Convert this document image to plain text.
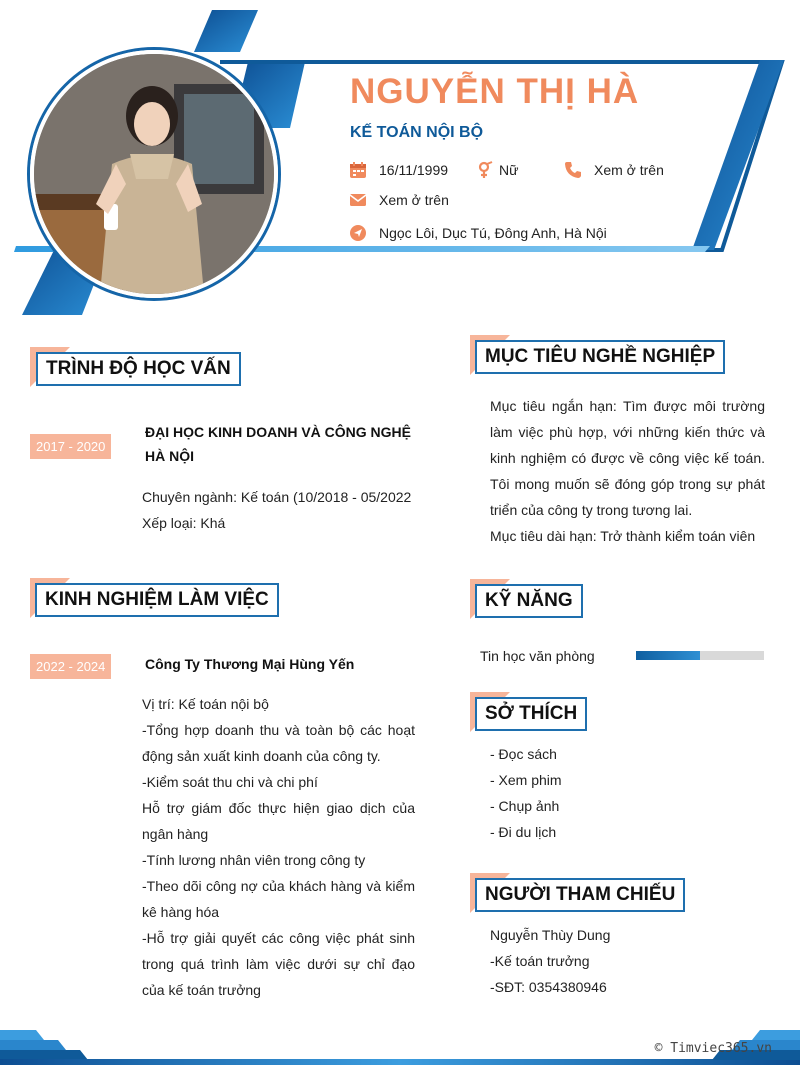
NGUYỄN THỊ HÀ
KẾ TOÁN NỘI BỘ
16/11/1999	Nữ	Xem ở trên
Xem ở trên
Ngọc Lôi, Dục Tú, Đông Anh, Hà Nội
TRÌNH ĐỘ HỌC VẤN
2017 - 2020
ĐẠI HỌC KINH DOANH VÀ CÔNG NGHỆ HÀ NỘI
Chuyên ngành: Kế toán (10/2018 - 05/2022
Xếp loại: Khá
KINH NGHIỆM LÀM VIỆC
2022 - 2024	Công Ty Thương Mại Hùng Yến
Vị trí: Kế toán nội bộ
-Tổng hợp doanh thu và toàn bộ các hoạt động sản xuất kinh doanh của công ty.
-Kiểm soát thu chi và chi phí
Hỗ trợ giám đốc thực hiện giao dịch của ngân hàng
-Tính lương nhân viên trong công ty
-Theo dõi công nợ của khách hàng và kiểm kê hàng hóa
-Hỗ trợ giải quyết các công việc phát sinh trong quá trình làm việc dưới sự chỉ đạo của kế toán trưởng
MỤC TIÊU NGHỀ NGHIỆP
Mục tiêu ngắn hạn: Tìm được môi trường làm việc phù hợp, với những kiến thức và kinh nghiệm có được về công việc kế toán. Tôi mong muốn sẽ đóng góp trong sự phát triển của công ty trong tương lai.
Mục tiêu dài hạn: Trở thành kiểm toán viên
KỸ NĂNG
Tin học văn phòng
SỞ THÍCH
- Đọc sách
- Xem phim
- Chụp ảnh
- Đi du lịch
NGƯỜI THAM CHIẾU
Nguyễn Thùy Dung
-Kế toán trưởng
-SĐT: 0354380946
© Timviec365.vn
